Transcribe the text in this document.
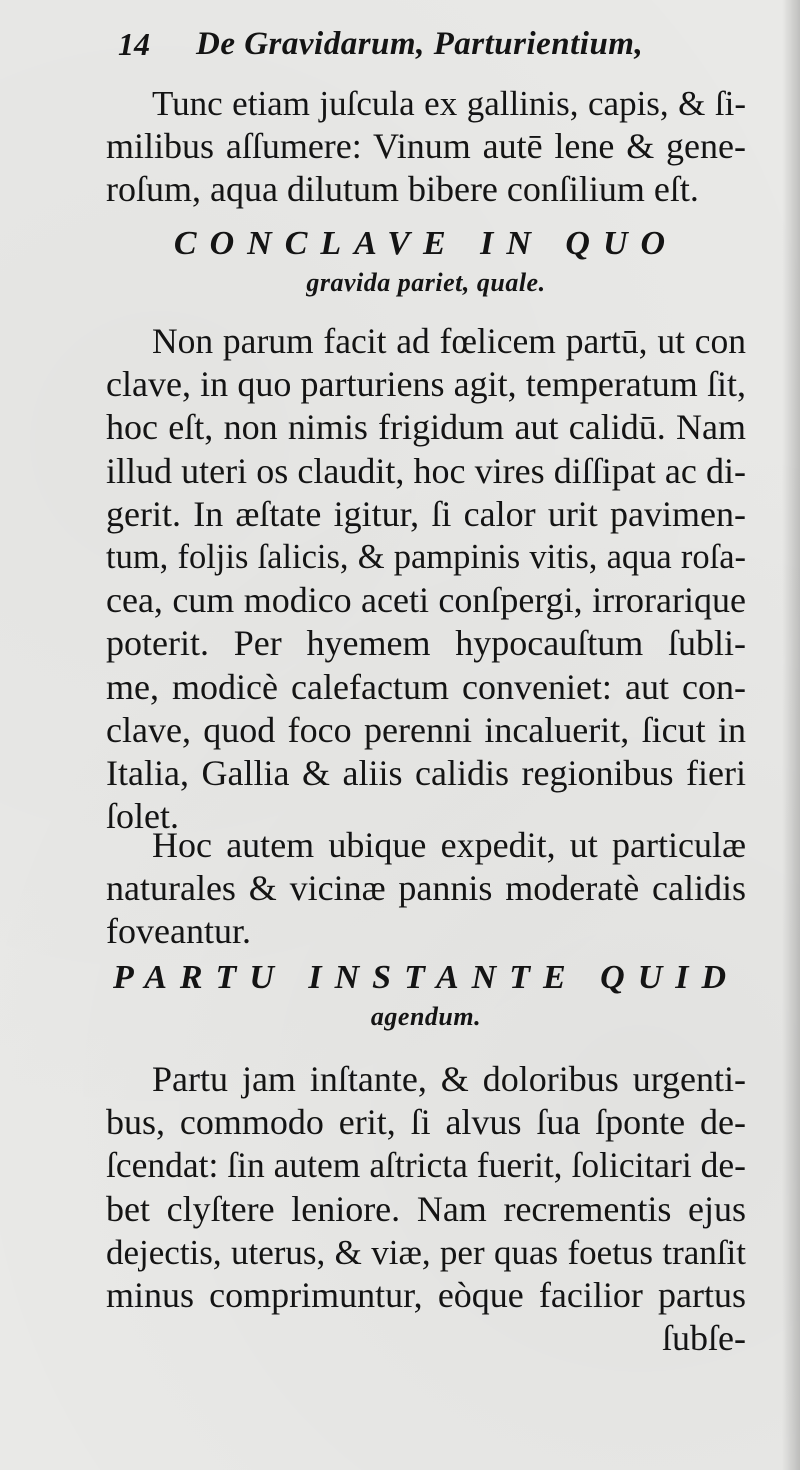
14 De Gravidarum, Parturientium,
Tunc etiam juſcula ex gallinis, capis, & ſi-
milibus aſſumere: Vinum autē lene & gene-
roſum, aqua dilutum bibere conſilium eſt.
CONCLAVE IN QUO
gravida pariet, quale.
Non parum facit ad fœlicem partū, ut con
clave, in quo parturiens agit, temperatum ſit,
hoc eſt, non nimis frigidum aut calidū. Nam
illud uteri os claudit, hoc vires diſſipat ac di-
gerit. In æſtate igitur, ſi calor urit pavimen-
tum, foljis ſalicis, & pampinis vitis, aqua roſa-
cea, cum modico aceti conſpergi, irrorarique
poterit. Per hyemem hypocauſtum ſubli-
me, modicè calefactum conveniet: aut con-
clave, quod foco perenni incaluerit, ſicut in
Italia, Gallia & aliis calidis regionibus fieri
ſolet.
Hoc autem ubique expedit, ut particulæ
naturales & vicinæ pannis moderatè calidis
foveantur.
PARTU INSTANTE QUID
agendum.
Partu jam inſtante, & doloribus urgenti-
bus, commodo erit, ſi alvus ſua ſponte de-
ſcendat: ſin autem aſtricta fuerit, ſolicitari de-
bet clyſtere leniore. Nam recrementis ejus
dejectis, uterus, & viæ, per quas foetus tranſit
minus comprimuntur, eòque facilior partus
ſubſe-
